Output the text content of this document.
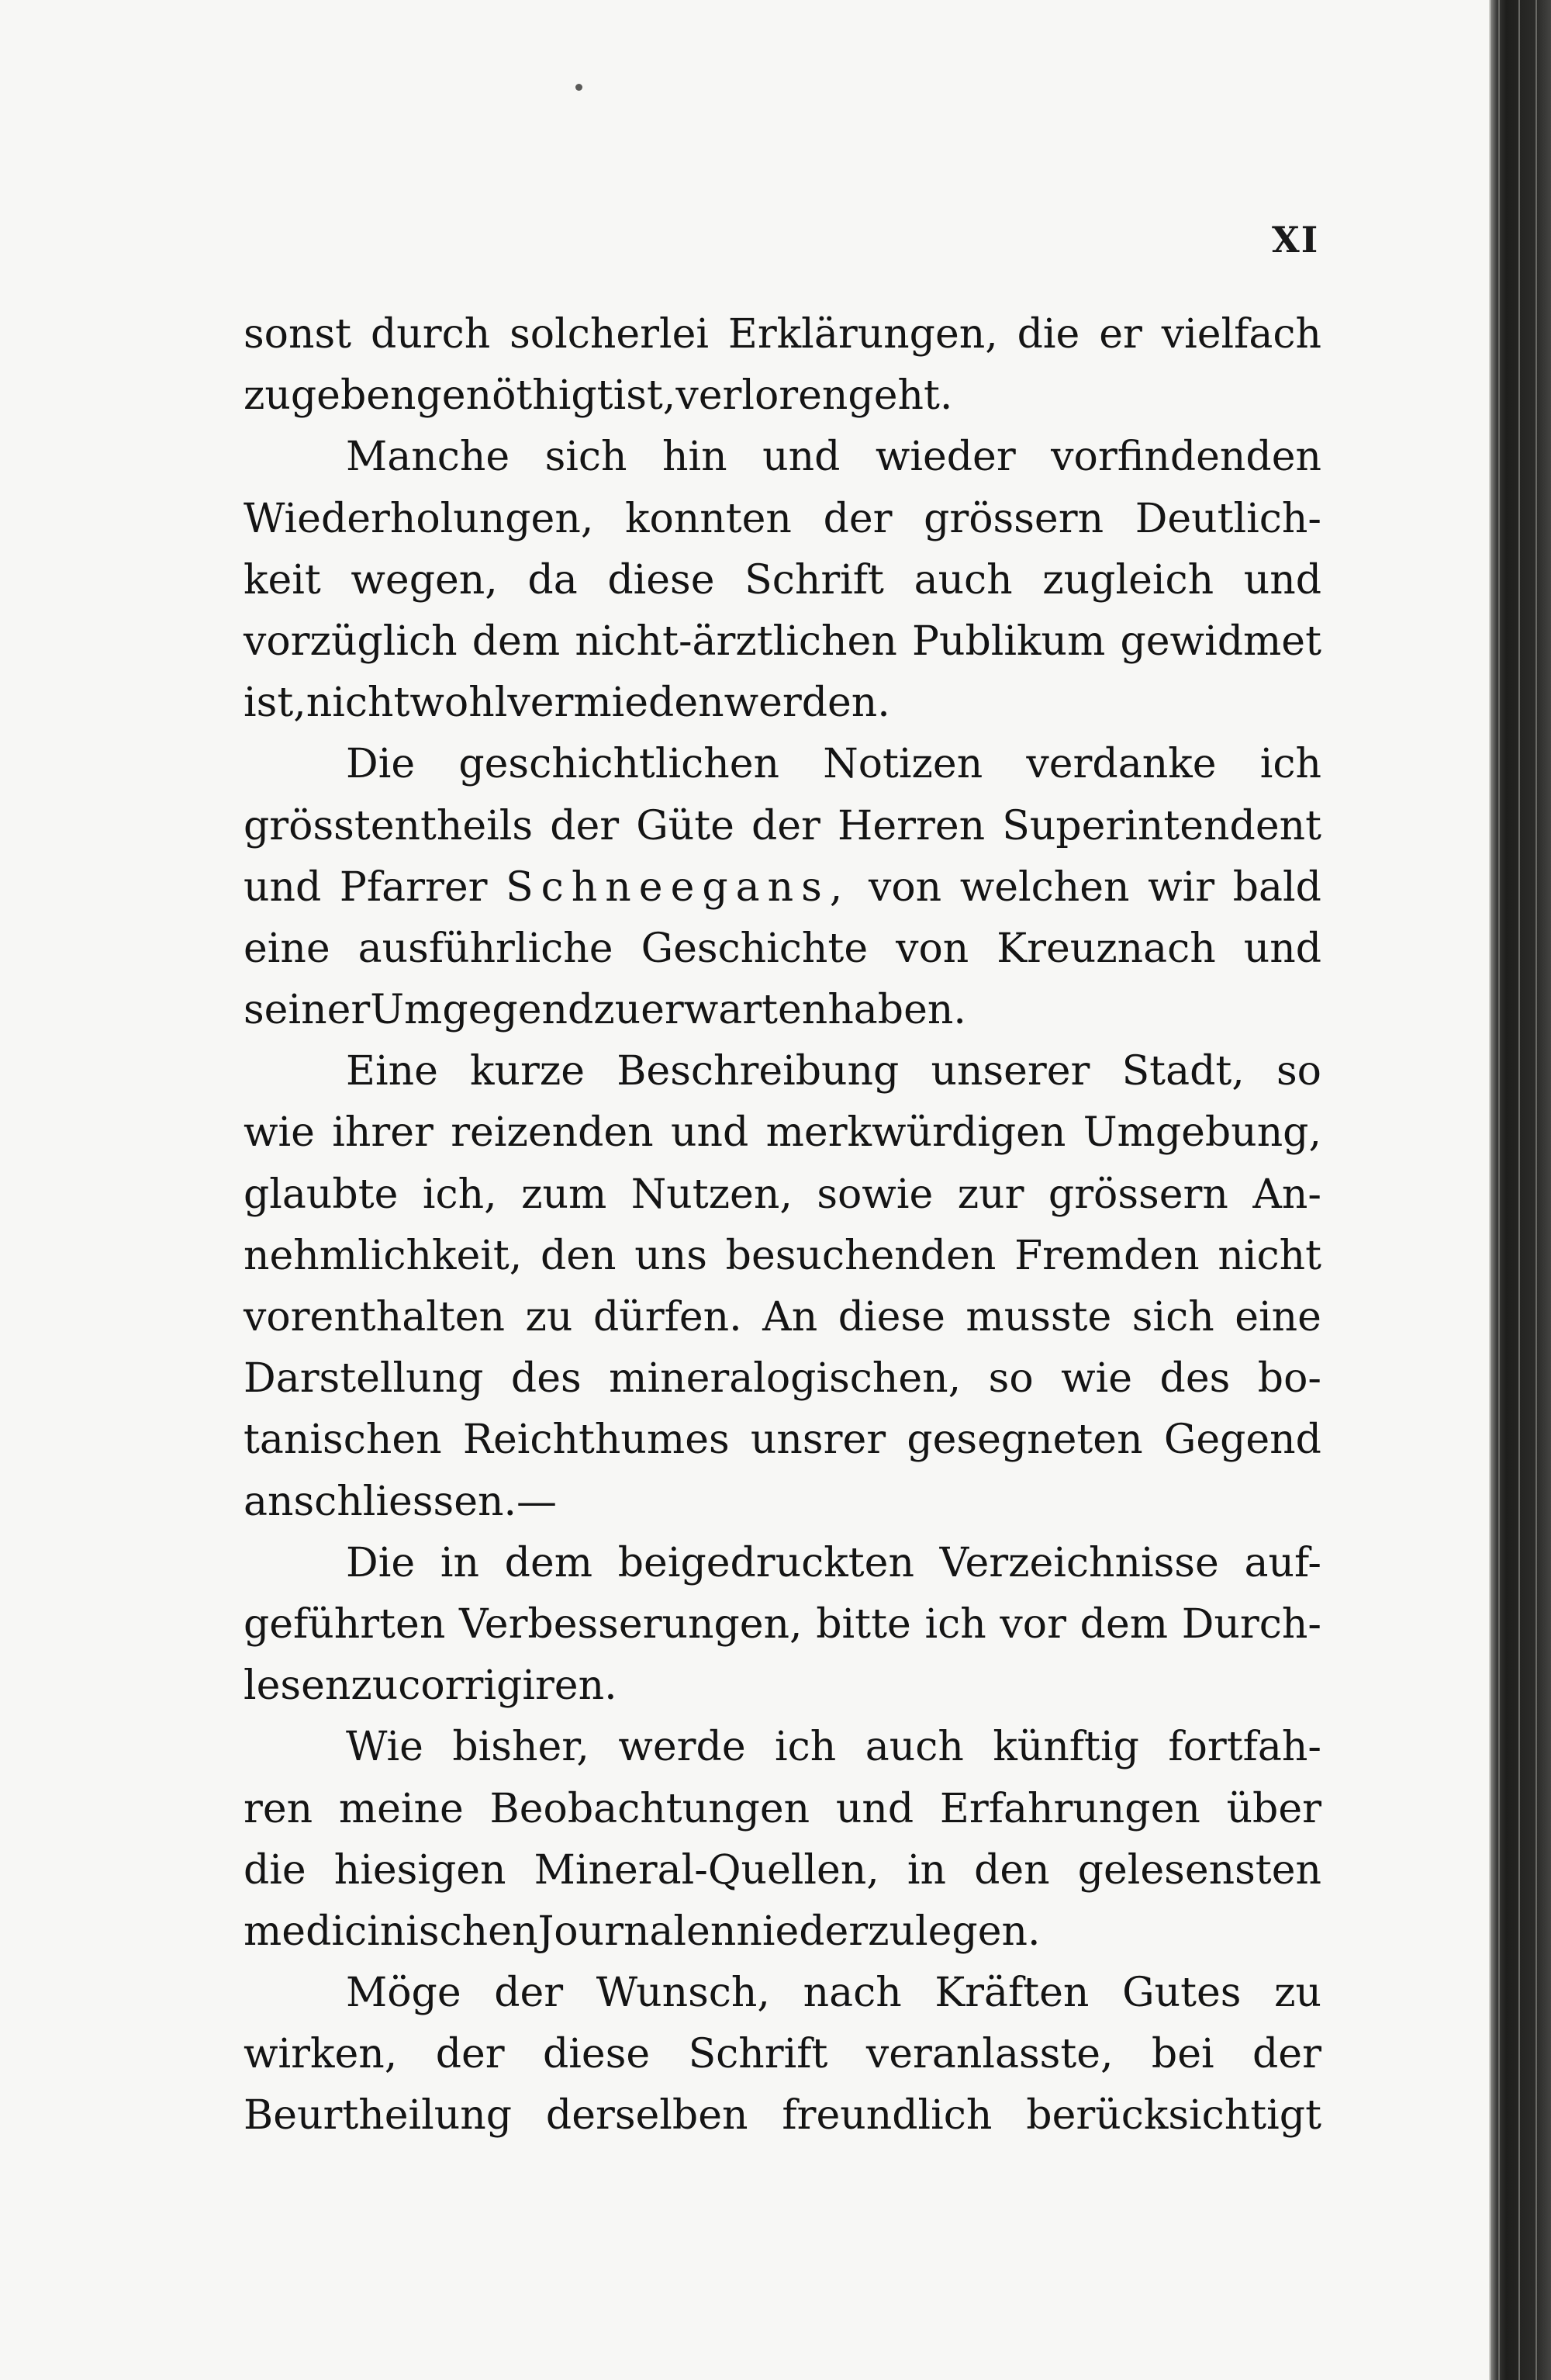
XI
sonst durch solcherlei Erklärungen, die er vielfach
zu geben genöthigt ist, verloren geht.
Manche sich hin und wieder vorfindenden
Wiederholungen, konnten der grössern Deutlich-
keit wegen, da diese Schrift auch zugleich und
vorzüglich dem nicht-ärztlichen Publikum gewidmet
ist, nicht wohl vermieden werden.
Die geschichtlichen Notizen verdanke ich
grösstentheils der Güte der Herren Superintendent
und Pfarrer Schneegans, von welchen wir bald
eine ausführliche Geschichte von Kreuznach und
seiner Umgegend zu erwarten haben.
Eine kurze Beschreibung unserer Stadt, so
wie ihrer reizenden und merkwürdigen Umgebung,
glaubte ich, zum Nutzen, sowie zur grössern An-
nehmlichkeit, den uns besuchenden Fremden nicht
vorenthalten zu dürfen. An diese musste sich eine
Darstellung des mineralogischen, so wie des bo-
tanischen Reichthumes unsrer gesegneten Gegend
anschliessen. —
Die in dem beigedruckten Verzeichnisse auf-
geführten Verbesserungen, bitte ich vor dem Durch-
lesen zu corrigiren.
Wie bisher, werde ich auch künftig fortfah-
ren meine Beobachtungen und Erfahrungen über
die hiesigen Mineral-Quellen, in den gelesensten
medicinischen Journalen niederzulegen.
Möge der Wunsch, nach Kräften Gutes zu
wirken, der diese Schrift veranlasste, bei der
Beurtheilung derselben freundlich berücksichtigt
